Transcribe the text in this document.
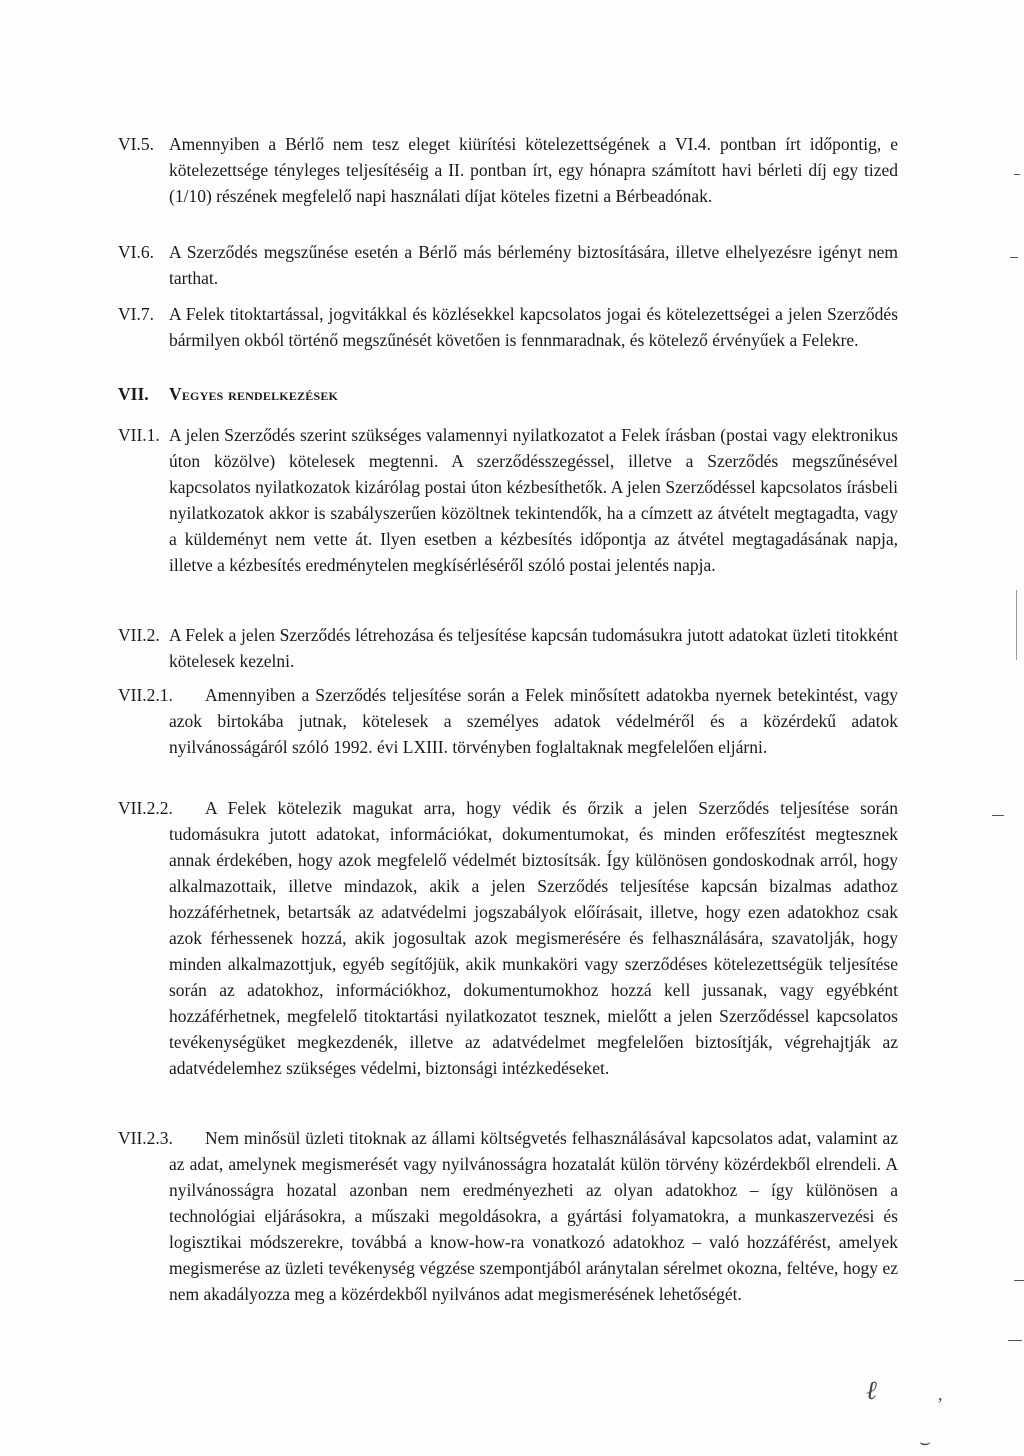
VI.5. Amennyiben a Bérlő nem tesz eleget kiürítési kötelezettségének a VI.4. pontban írt időpontig, e kötelezettsége tényleges teljesítéséig a II. pontban írt, egy hónapra számított havi bérleti díj egy tized (1/10) részének megfelelő napi használati díjat köteles fizetni a Bérbeadónak.
VI.6. A Szerződés megszűnése esetén a Bérlő más bérlemény biztosítására, illetve elhelyezésre igényt nem tarthat.
VI.7. A Felek titoktartással, jogvitákkal és közlésekkel kapcsolatos jogai és kötelezettségei a jelen Szerződés bármilyen okból történő megszűnését követően is fennmaradnak, és kötelező érvényűek a Felekre.
VII. Vegyes rendelkezések
VII.1. A jelen Szerződés szerint szükséges valamennyi nyilatkozatot a Felek írásban (postai vagy elektronikus úton közölve) kötelesek megtenni. A szerződésszegéssel, illetve a Szerződés megszűnésével kapcsolatos nyilatkozatok kizárólag postai úton kézbesíthetők. A jelen Szerződéssel kapcsolatos írásbeli nyilatkozatok akkor is szabályszerűen közöltnek tekintendők, ha a címzett az átvételt megtagadta, vagy a küldeményt nem vette át. Ilyen esetben a kézbesítés időpontja az átvétel megtagadásának napja, illetve a kézbesítés eredménytelen megkísérléséről szóló postai jelentés napja.
VII.2. A Felek a jelen Szerződés létrehozása és teljesítése kapcsán tudomásukra jutott adatokat üzleti titokként kötelesek kezelni.
VII.2.1.	Amennyiben a Szerződés teljesítése során a Felek minősített adatokba nyernek betekintést, vagy azok birtokába jutnak, kötelesek a személyes adatok védelméről és a közérdekű adatok nyilvánosságáról szóló 1992. évi LXIII. törvényben foglaltaknak megfelelően eljárni.
VII.2.2.	A Felek kötelezik magukat arra, hogy védik és őrzik a jelen Szerződés teljesítése során tudomásukra jutott adatokat, információkat, dokumentumokat, és minden erőfeszítést megtesznek annak érdekében, hogy azok megfelelő védelmét biztosítsák. Így különösen gondoskodnak arról, hogy alkalmazottaik, illetve mindazok, akik a jelen Szerződés teljesítése kapcsán bizalmas adathoz hozzáférhetnek, betartsák az adatvédelmi jogszabályok előírásait, illetve, hogy ezen adatokhoz csak azok férhessenek hozzá, akik jogosultak azok megismerésére és felhasználására, szavatolják, hogy minden alkalmazottjuk, egyéb segítőjük, akik munkaköri vagy szerződéses kötelezettségük teljesítése során az adatokhoz, információkhoz, dokumentumokhoz hozzá kell jussanak, vagy egyébként hozzáférhetnek, megfelelő titoktartási nyilatkozatot tesznek, mielőtt a jelen Szerződéssel kapcsolatos tevékenységüket megkezdenék, illetve az adatvédelmet megfelelően biztosítják, végrehajtják az adatvédelemhez szükséges védelmi, biztonsági intézkedéseket.
VII.2.3.	Nem minősül üzleti titoknak az állami költségvetés felhasználásával kapcsolatos adat, valamint az az adat, amelynek megismerését vagy nyilvánosságra hozatalát külön törvény közérdekből elrendeli. A nyilvánosságra hozatal azonban nem eredményezheti az olyan adatokhoz – így különösen a technológiai eljárásokra, a műszaki megoldásokra, a gyártási folyamatokra, a munkaszervezési és logisztikai módszerekre, továbbá a know-how-ra vonatkozó adatokhoz – való hozzáférést, amelyek megismerése az üzleti tevékenység végzése szempontjából aránytalan sérelmet okozna, feltéve, hogy ez nem akadályozza meg a közérdekből nyilvános adat megismerésének lehetőségét.
ℓ	,
⌣
